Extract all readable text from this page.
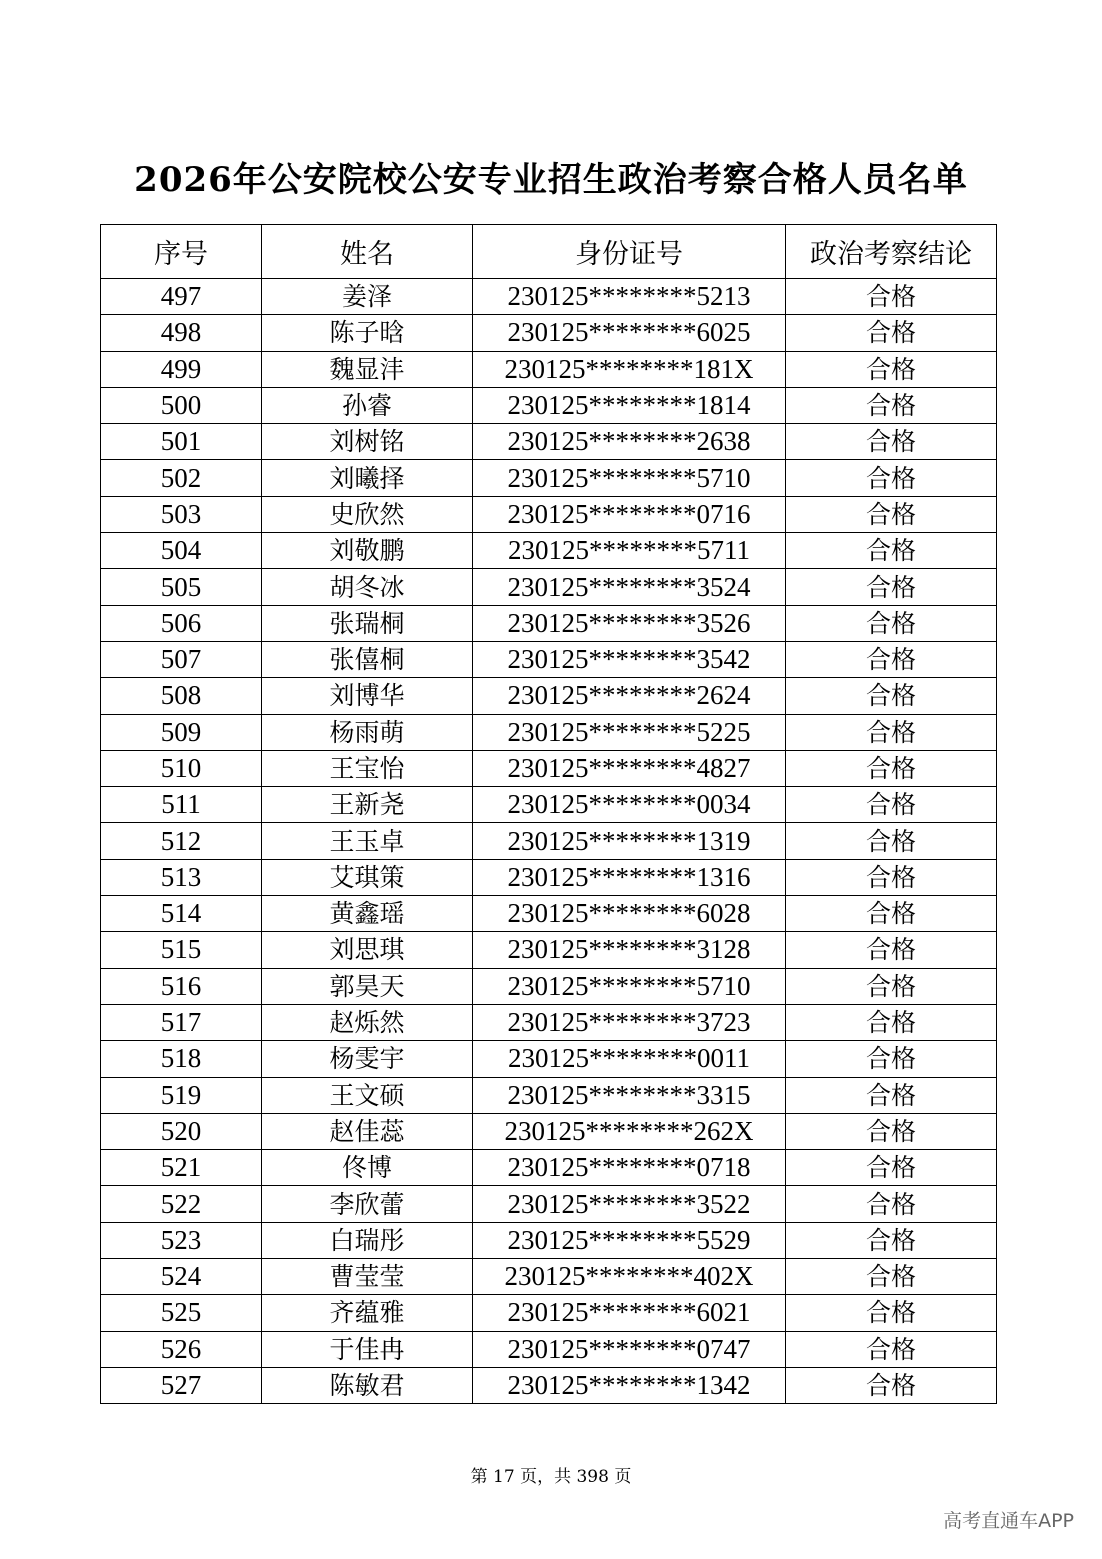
2026年公安院校公安专业招生政治考察合格人员名单
序号	姓名	身份证号	政治考察结论
497	姜泽	230125********5213	合格
498	陈子晗	230125********6025	合格
499	魏显沣	230125********181X	合格
500	孙睿	230125********1814	合格
501	刘树铭	230125********2638	合格
502	刘曦择	230125********5710	合格
503	史欣然	230125********0716	合格
504	刘敬鹏	230125********5711	合格
505	胡冬冰	230125********3524	合格
506	张瑞桐	230125********3526	合格
507	张僖桐	230125********3542	合格
508	刘博华	230125********2624	合格
509	杨雨萌	230125********5225	合格
510	王宝怡	230125********4827	合格
511	王新尧	230125********0034	合格
512	王玉卓	230125********1319	合格
513	艾琪策	230125********1316	合格
514	黄鑫瑶	230125********6028	合格
515	刘思琪	230125********3128	合格
516	郭昊天	230125********5710	合格
517	赵烁然	230125********3723	合格
518	杨雯宇	230125********0011	合格
519	王文硕	230125********3315	合格
520	赵佳蕊	230125********262X	合格
521	佟博	230125********0718	合格
522	李欣蕾	230125********3522	合格
523	白瑞彤	230125********5529	合格
524	曹莹莹	230125********402X	合格
525	齐蕴雅	230125********6021	合格
526	于佳冉	230125********0747	合格
527	陈敏君	230125********1342	合格
第 17 页，共 398 页
高考直通车APP
